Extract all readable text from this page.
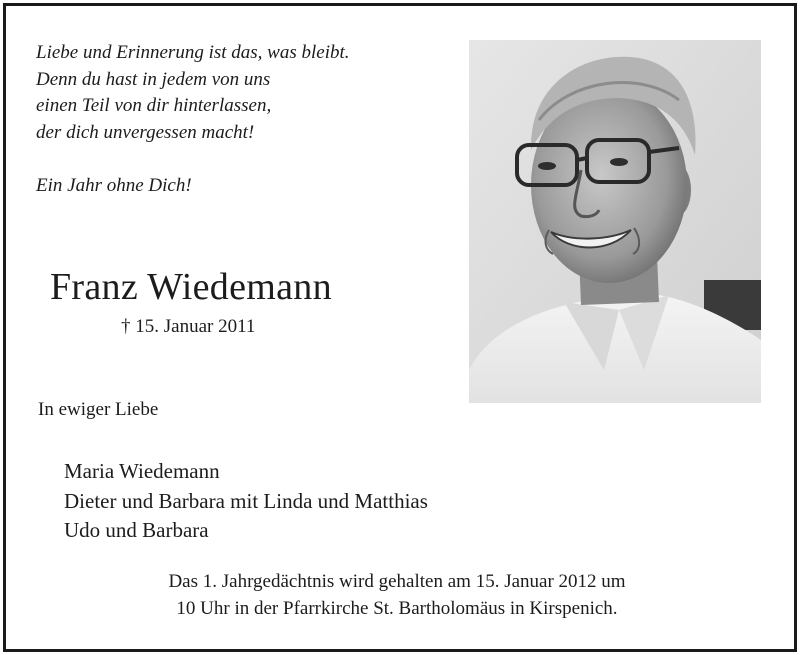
Liebe und Erinnerung ist das, was bleibt.
Denn du hast in jedem von uns
einen Teil von dir hinterlassen,
der dich unvergessen macht!
Ein Jahr ohne Dich!
Franz Wiedemann
† 15. Januar 2011
In ewiger Liebe
Maria Wiedemann
Dieter und Barbara mit Linda und Matthias
Udo und Barbara
Das 1. Jahrgedächtnis wird gehalten am 15. Januar 2012 um
10 Uhr in der Pfarrkirche St. Bartholomäus in Kirspenich.
